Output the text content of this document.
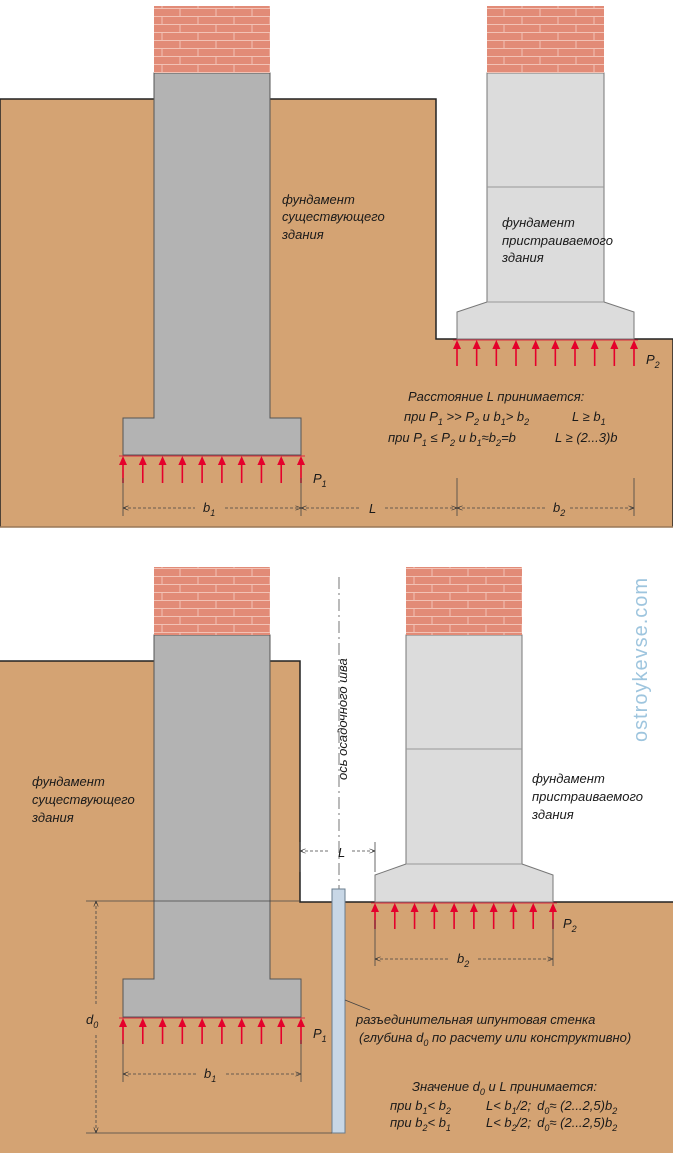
фундамент
существующего
здания
фундамент
пристраиваемого
здания
$P_1$
$P_2$
$b_1$	L	$b_2$
Расстояние L принимается:
при $P_1 >> P_2$ и $b_1> b_2$	$L \ge b_1$
при $P_1 \le P_2$ и $b_1\approx b_2=b$	L ≥ (2...3)b
ось осадочного шва
фундамент
существующего
здания
фундамент
пристраиваемого
здания
$P_1$
$P_2$
L
$b_2$
$b_1$
$d_0$	разъединительная шпунтовая стенка
(глубина $d_0$ по расчету или конструктивно)
Значение $d_0$ и L принимается:
при $b_1< b_2$	$L< b_1/2$; $d_0\approx (2...2,5)b_2$
при $b_2< b_1$	$L< b_2/2$; $d_0\approx (2...2,5)b_2$
ostroykevse.com
